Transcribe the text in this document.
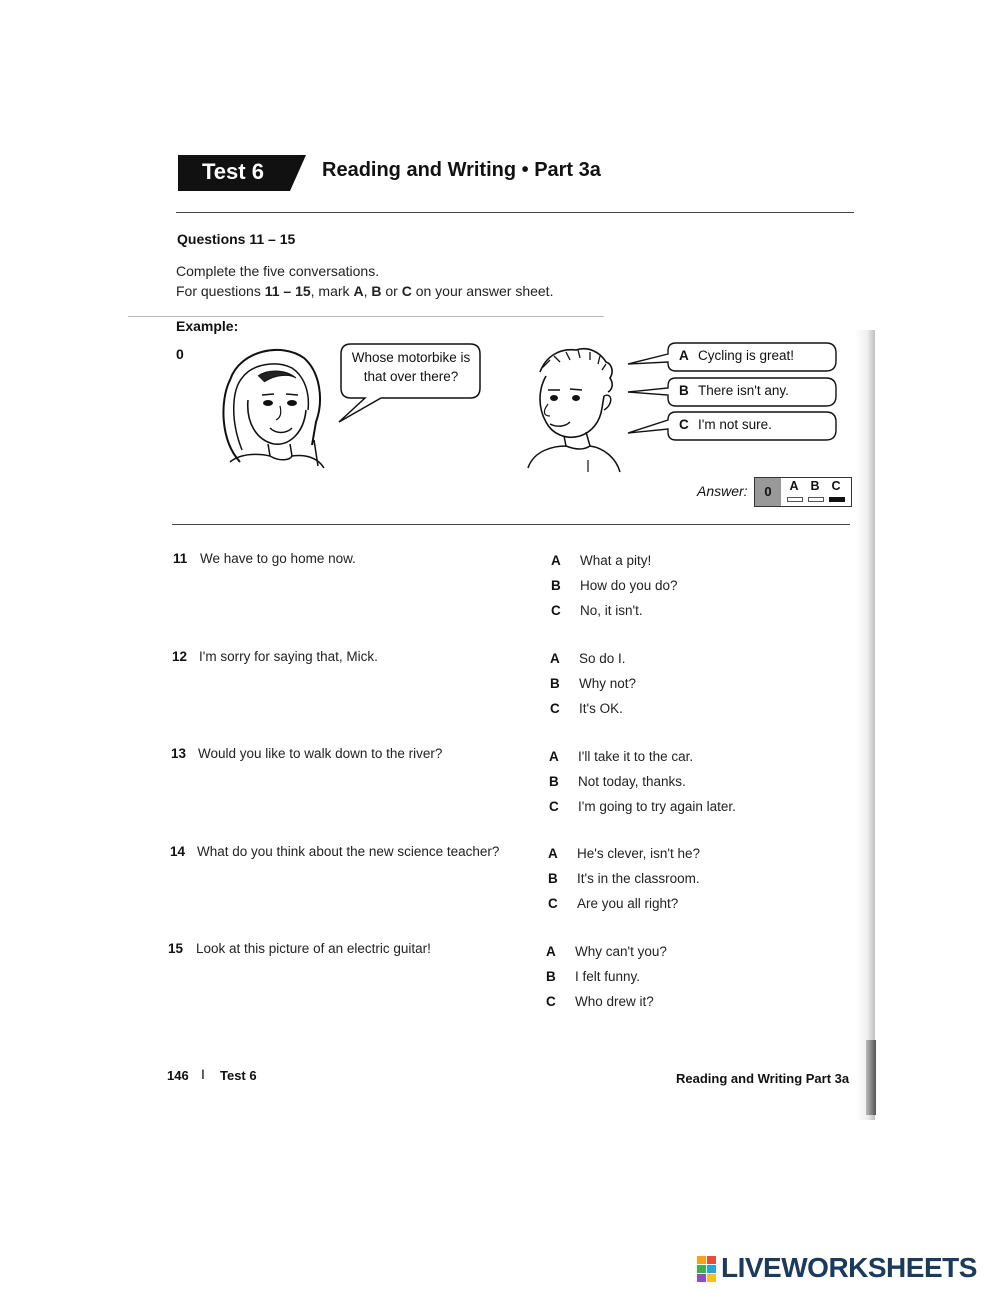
Test 6	Reading and Writing • Part 3a
Questions 11 – 15
Complete the five conversations.
For questions 11 – 15, mark A, B or C on your answer sheet.
Example:
0	Whose motorbike is
that over there?
A Cycling is great!
B There isn't any.
C I'm not sure.
Answer:	0	A B C
11 We have to go home now.	A What a pity!
B How do you do?
C No, it isn't.
12 I'm sorry for saying that, Mick.	A So do I.
B Why not?
C It's OK.
13 Would you like to walk down to the river?	A I'll take it to the car.
B Not today, thanks.
C I'm going to try again later.
14 What do you think about the new science teacher?	A He's clever, isn't he?
B It's in the classroom.
C Are you all right?
15 Look at this picture of an electric guitar!	A Why can't you?
B I felt funny.
C Who drew it?
146 I Test 6	Reading and Writing Part 3a
LIVEWORKSHEETS
